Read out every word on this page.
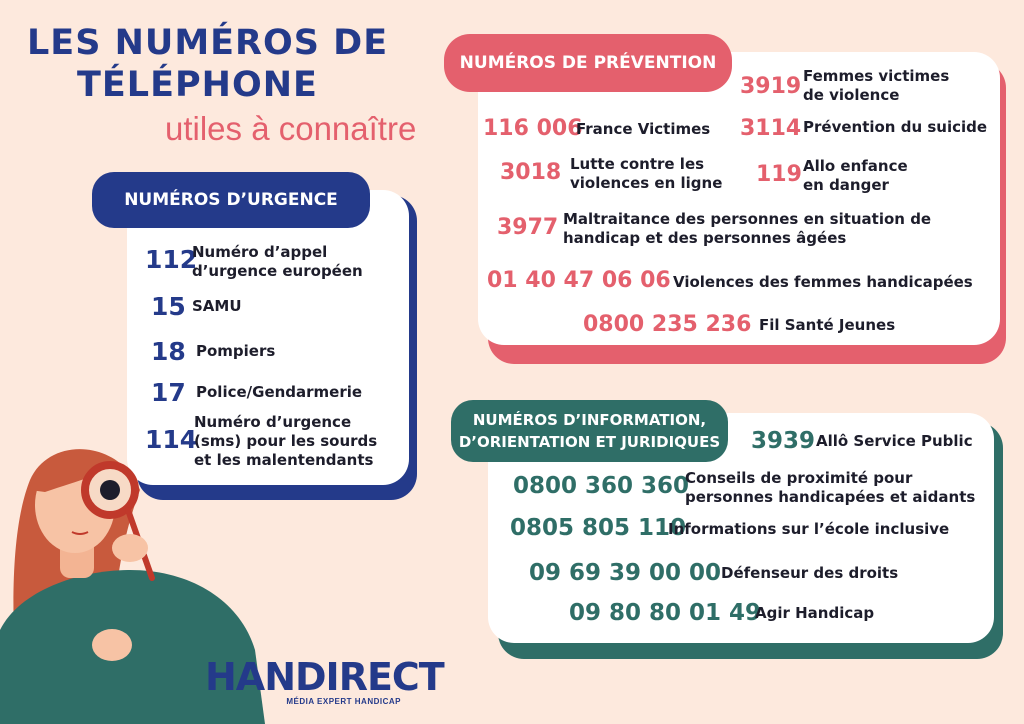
LES NUMÉROS DE
TÉLÉPHONE
utiles à connaître
NUMÉROS D’URGENCE
112
Numéro d’appel
d’urgence européen
15 SAMU
18 Pompiers
17 Police/Gendarmerie
114
Numéro d’urgence
(sms) pour les sourds
et les malentendants
NUMÉROS DE PRÉVENTION
3919 Femmes victimes
de violence
116 006
France Victimes 3114 Prévention du suicide
3018 Lutte contre les
violences en ligne 119 Allo enfance
en danger
3977 Maltraitance des personnes en situation de
handicap et des personnes âgées
01 40 47 06 06 Violences des femmes handicapées
0800 235 236 Fil Santé Jeunes
NUMÉROS D’INFORMATION,
D’ORIENTATION ET JURIDIQUES 3939 Allô Service Public
0800 360 360
Conseils de proximité pour
personnes handicapées et aidants
0805 805 110
Informations sur l’école inclusive
09 69 39 00 00 Défenseur des droits
09 80 80 01 49
Agir Handicap
HANDIRECT
MÉDIA EXPERT HANDICAP
